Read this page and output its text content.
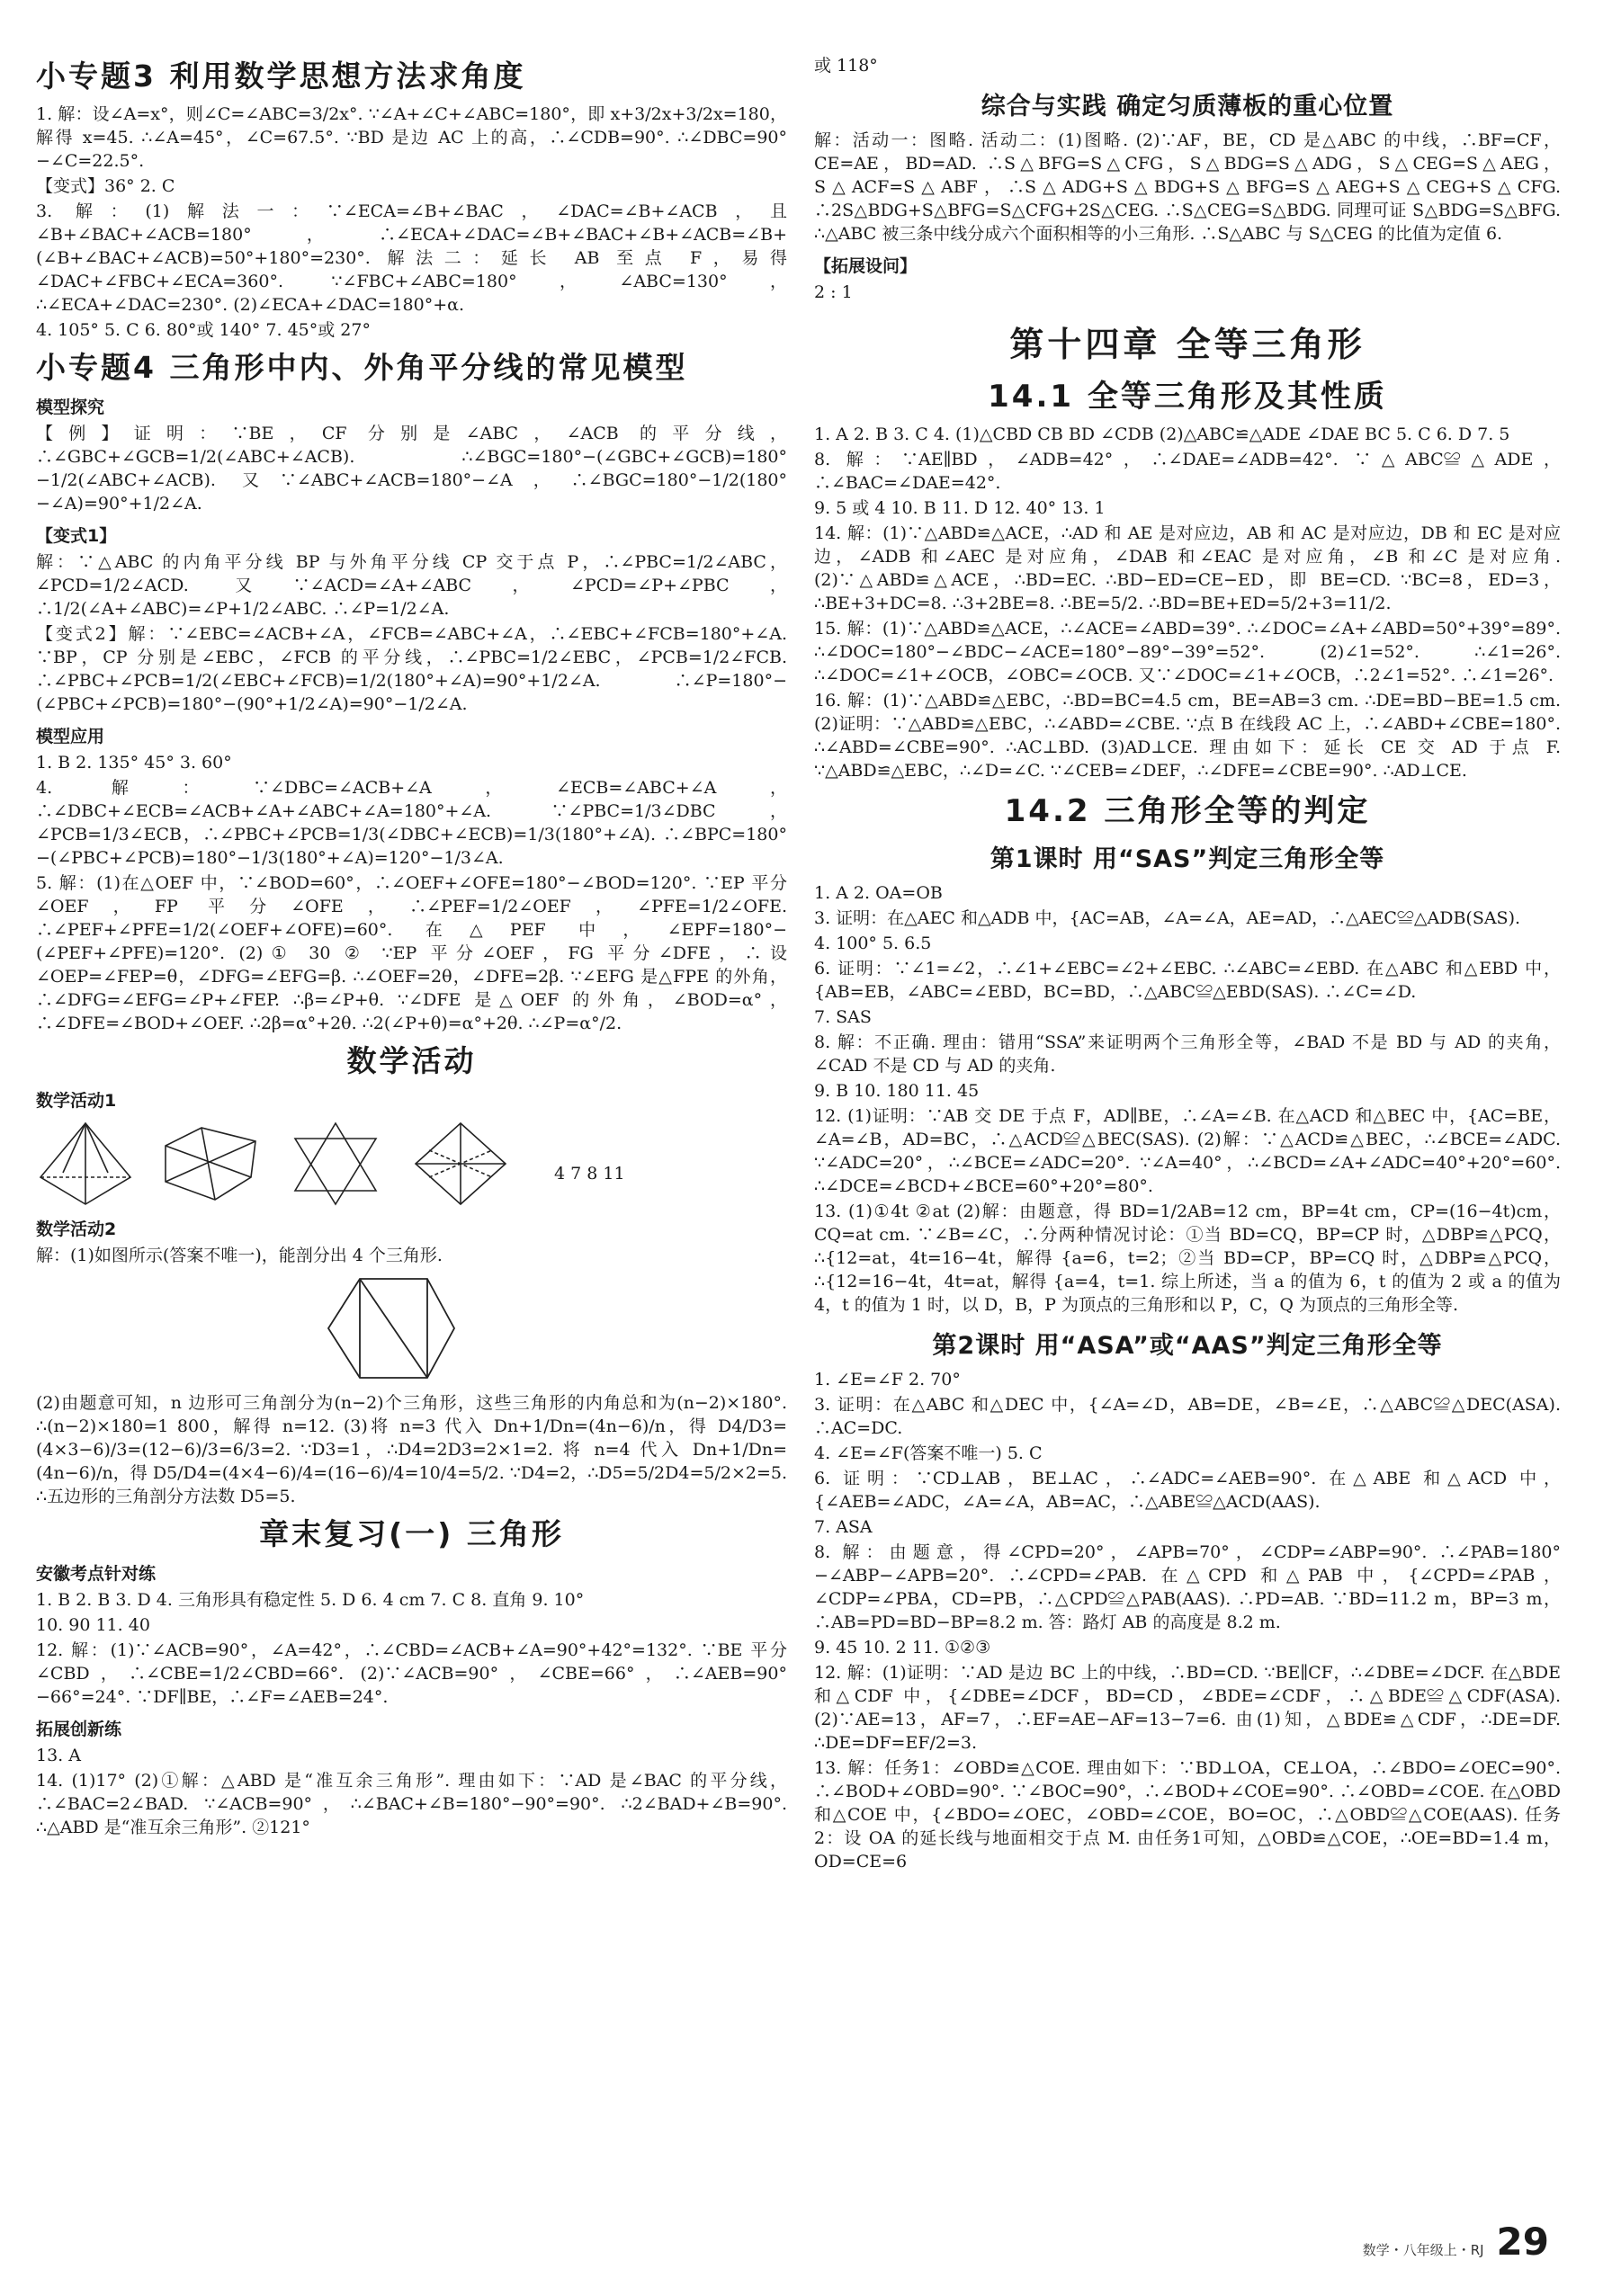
小专题3 利用数学思想方法求角度

1. 解：设∠A=x°，则∠C=∠ABC=3/2x°. ∵∠A+∠C+∠ABC=180°，即 x+3/2x+3/2x=180，解得 x=45. ∴∠A=45°，∠C=67.5°. ∵BD 是边 AC 上的高，∴∠CDB=90°. ∴∠DBC=90°−∠C=22.5°.

【变式】36° 2. C

3. 解：(1)解法一：∵∠ECA=∠B+∠BAC，∠DAC=∠B+∠ACB，且∠B+∠BAC+∠ACB=180°，∴∠ECA+∠DAC=∠B+∠BAC+∠B+∠ACB=∠B+(∠B+∠BAC+∠ACB)=50°+180°=230°. 解法二：延长 AB 至点 F，易得∠DAC+∠FBC+∠ECA=360°. ∵∠FBC+∠ABC=180°，∠ABC=130°，∴∠ECA+∠DAC=230°. (2)∠ECA+∠DAC=180°+α.

4. 105° 5. C 6. 80°或 140° 7. 45°或 27°

小专题4 三角形中内、外角平分线的常见模型
模型探究

【例】证明：∵BE，CF 分别是∠ABC，∠ACB 的平分线，∴∠GBC+∠GCB=1/2(∠ABC+∠ACB). ∴∠BGC=180°−(∠GBC+∠GCB)=180°−1/2(∠ABC+∠ACB). 又∵∠ABC+∠ACB=180°−∠A，∴∠BGC=180°−1/2(180°−∠A)=90°+1/2∠A.

【变式1】

解：∵△ABC 的内角平分线 BP 与外角平分线 CP 交于点 P，∴∠PBC=1/2∠ABC，∠PCD=1/2∠ACD. 又∵∠ACD=∠A+∠ABC，∠PCD=∠P+∠PBC，∴1/2(∠A+∠ABC)=∠P+1/2∠ABC. ∴∠P=1/2∠A.

【变式2】解：∵∠EBC=∠ACB+∠A，∠FCB=∠ABC+∠A，∴∠EBC+∠FCB=180°+∠A. ∵BP，CP 分别是∠EBC，∠FCB 的平分线，∴∠PBC=1/2∠EBC，∠PCB=1/2∠FCB. ∴∠PBC+∠PCB=1/2(∠EBC+∠FCB)=1/2(180°+∠A)=90°+1/2∠A. ∴∠P=180°−(∠PBC+∠PCB)=180°−(90°+1/2∠A)=90°−1/2∠A.

模型应用

1. B 2. 135° 45° 3. 60°

4. 解：∵∠DBC=∠ACB+∠A，∠ECB=∠ABC+∠A，∴∠DBC+∠ECB=∠ACB+∠A+∠ABC+∠A=180°+∠A. ∵∠PBC=1/3∠DBC，∠PCB=1/3∠ECB，∴∠PBC+∠PCB=1/3(∠DBC+∠ECB)=1/3(180°+∠A). ∴∠BPC=180°−(∠PBC+∠PCB)=180°−1/3(180°+∠A)=120°−1/3∠A.

5. 解：(1)在△OEF 中，∵∠BOD=60°，∴∠OEF+∠OFE=180°−∠BOD=120°. ∵EP 平分∠OEF，FP 平分∠OFE，∴∠PEF=1/2∠OEF，∠PFE=1/2∠OFE. ∴∠PEF+∠PFE=1/2(∠OEF+∠OFE)=60°. 在△PEF 中，∠EPF=180°−(∠PEF+∠PFE)=120°. (2)① 30 ② ∵EP 平分∠OEF，FG 平分∠DFE，∴设∠OEP=∠FEP=θ，∠DFG=∠EFG=β. ∴∠OEF=2θ，∠DFE=2β. ∵∠EFG 是△FPE 的外角，∴∠DFG=∠EFG=∠P+∠FEP. ∴β=∠P+θ. ∵∠DFE 是△OEF 的外角，∠BOD=α°，∴∠DFE=∠BOD+∠OEF. ∴2β=α°+2θ. ∴2(∠P+θ)=α°+2θ. ∴∠P=α°/2.

数学活动
数学活动1
4 7 8 11
数学活动2

解：(1)如图所示(答案不唯一)，能剖分出 4 个三角形.

(2)由题意可知，n 边形可三角剖分为(n−2)个三角形，这些三角形的内角总和为(n−2)×180°. ∴(n−2)×180=1 800，解得 n=12. (3)将 n=3 代入 Dn+1/Dn=(4n−6)/n，得 D4/D3=(4×3−6)/3=(12−6)/3=6/3=2. ∵D3=1，∴D4=2D3=2×1=2. 将 n=4 代入 Dn+1/Dn=(4n−6)/n，得 D5/D4=(4×4−6)/4=(16−6)/4=10/4=5/2. ∵D4=2，∴D5=5/2D4=5/2×2=5. ∴五边形的三角剖分方法数 D5=5.

章末复习(一) 三角形
安徽考点针对练

1. B 2. B 3. D 4. 三角形具有稳定性 5. D 6. 4 cm 7. C 8. 直角 9. 10°

10. 90 11. 40

12. 解：(1)∵∠ACB=90°，∠A=42°，∴∠CBD=∠ACB+∠A=90°+42°=132°. ∵BE 平分∠CBD，∴∠CBE=1/2∠CBD=66°. (2)∵∠ACB=90°，∠CBE=66°，∴∠AEB=90°−66°=24°. ∵DF∥BE，∴∠F=∠AEB=24°.

拓展创新练

13. A

14. (1)17° (2)①解：△ABD 是“准互余三角形”. 理由如下：∵AD 是∠BAC 的平分线，∴∠BAC=2∠BAD. ∵∠ACB=90°，∴∠BAC+∠B=180°−90°=90°. ∴2∠BAD+∠B=90°. ∴△ABD 是“准互余三角形”. ②121°

或 118°

综合与实践 确定匀质薄板的重心位置

解：活动一：图略. 活动二：(1)图略. (2)∵AF，BE，CD 是△ABC 的中线，∴BF=CF，CE=AE，BD=AD. ∴S△BFG=S△CFG，S△BDG=S△ADG，S△CEG=S△AEG，S△ACF=S△ABF，∴S△ADG+S△BDG+S△BFG=S△AEG+S△CEG+S△CFG. ∴2S△BDG+S△BFG=S△CFG+2S△CEG. ∴S△CEG=S△BDG. 同理可证 S△BDG=S△BFG. ∴△ABC 被三条中线分成六个面积相等的小三角形. ∴S△ABC 与 S△CEG 的比值为定值 6.

【拓展设问】

2 : 1

第十四章 全等三角形
14.1 全等三角形及其性质

1. A 2. B 3. C 4. (1)△CBD CB BD ∠CDB (2)△ABC≌△ADE ∠DAE BC 5. C 6. D 7. 5

8. 解：∵AE∥BD，∠ADB=42°，∴∠DAE=∠ADB=42°. ∵△ABC≌△ADE，∴∠BAC=∠DAE=42°.

9. 5 或 4 10. B 11. D 12. 40° 13. 1

14. 解：(1)∵△ABD≌△ACE，∴AD 和 AE 是对应边，AB 和 AC 是对应边，DB 和 EC 是对应边，∠ADB 和∠AEC 是对应角，∠DAB 和∠EAC 是对应角，∠B 和∠C 是对应角. (2)∵△ABD≌△ACE，∴BD=EC. ∴BD−ED=CE−ED，即 BE=CD. ∵BC=8，ED=3，∴BE+3+DC=8. ∴3+2BE=8. ∴BE=5/2. ∴BD=BE+ED=5/2+3=11/2.

15. 解：(1)∵△ABD≌△ACE，∴∠ACE=∠ABD=39°. ∴∠DOC=∠A+∠ABD=50°+39°=89°. ∴∠DOC=180°−∠BDC−∠ACE=180°−89°−39°=52°. (2)∠1=52°. ∴∠1=26°. ∴∠DOC=∠1+∠OCB，∠OBC=∠OCB. 又∵∠DOC=∠1+∠OCB，∴2∠1=52°. ∴∠1=26°.

16. 解：(1)∵△ABD≌△EBC，∴BD=BC=4.5 cm，BE=AB=3 cm. ∴DE=BD−BE=1.5 cm. (2)证明：∵△ABD≌△EBC，∴∠ABD=∠CBE. ∵点 B 在线段 AC 上，∴∠ABD+∠CBE=180°. ∴∠ABD=∠CBE=90°. ∴AC⊥BD. (3)AD⊥CE. 理由如下：延长 CE 交 AD 于点 F. ∵△ABD≌△EBC，∴∠D=∠C. ∵∠CEB=∠DEF，∴∠DFE=∠CBE=90°. ∴AD⊥CE.

14.2 三角形全等的判定
第1课时 用“SAS”判定三角形全等

1. A 2. OA=OB

3. 证明：在△AEC 和△ADB 中，{AC=AB，∠A=∠A，AE=AD，∴△AEC≌△ADB(SAS).

4. 100° 5. 6.5

6. 证明：∵∠1=∠2，∴∠1+∠EBC=∠2+∠EBC. ∴∠ABC=∠EBD. 在△ABC 和△EBD 中，{AB=EB，∠ABC=∠EBD，BC=BD，∴△ABC≌△EBD(SAS). ∴∠C=∠D.

7. SAS

8. 解：不正确. 理由：错用“SSA”来证明两个三角形全等，∠BAD 不是 BD 与 AD 的夹角，∠CAD 不是 CD 与 AD 的夹角.

9. B 10. 180 11. 45

12. (1)证明：∵AB 交 DE 于点 F，AD∥BE，∴∠A=∠B. 在△ACD 和△BEC 中，{AC=BE，∠A=∠B，AD=BC，∴△ACD≌△BEC(SAS). (2)解：∵△ACD≌△BEC，∴∠BCE=∠ADC. ∵∠ADC=20°，∴∠BCE=∠ADC=20°. ∵∠A=40°，∴∠BCD=∠A+∠ADC=40°+20°=60°. ∴∠DCE=∠BCD+∠BCE=60°+20°=80°.

13. (1)①4t ②at (2)解：由题意，得 BD=1/2AB=12 cm，BP=4t cm，CP=(16−4t)cm，CQ=at cm. ∵∠B=∠C，∴分两种情况讨论：①当 BD=CQ，BP=CP 时，△DBP≌△PCQ，∴{12=at，4t=16−4t，解得 {a=6，t=2；②当 BD=CP，BP=CQ 时，△DBP≌△PCQ，∴{12=16−4t，4t=at，解得 {a=4，t=1. 综上所述，当 a 的值为 6，t 的值为 2 或 a 的值为 4，t 的值为 1 时，以 D，B，P 为顶点的三角形和以 P，C，Q 为顶点的三角形全等.

第2课时 用“ASA”或“AAS”判定三角形全等

1. ∠E=∠F 2. 70°

3. 证明：在△ABC 和△DEC 中，{∠A=∠D，AB=DE，∠B=∠E，∴△ABC≌△DEC(ASA). ∴AC=DC.

4. ∠E=∠F(答案不唯一) 5. C

6. 证明：∵CD⊥AB，BE⊥AC，∴∠ADC=∠AEB=90°. 在△ABE 和△ACD 中，{∠AEB=∠ADC，∠A=∠A，AB=AC，∴△ABE≌△ACD(AAS).

7. ASA

8. 解：由题意，得∠CPD=20°，∠APB=70°，∠CDP=∠ABP=90°. ∴∠PAB=180°−∠ABP−∠APB=20°. ∴∠CPD=∠PAB. 在△CPD 和△PAB 中，{∠CPD=∠PAB，∠CDP=∠PBA，CD=PB，∴△CPD≌△PAB(AAS). ∴PD=AB. ∵BD=11.2 m，BP=3 m，∴AB=PD=BD−BP=8.2 m. 答：路灯 AB 的高度是 8.2 m.

9. 45 10. 2 11. ①②③

12. 解：(1)证明：∵AD 是边 BC 上的中线，∴BD=CD. ∵BE∥CF，∴∠DBE=∠DCF. 在△BDE 和△CDF 中，{∠DBE=∠DCF，BD=CD，∠BDE=∠CDF，∴△BDE≌△CDF(ASA). (2)∵AE=13，AF=7，∴EF=AE−AF=13−7=6. 由(1)知，△BDE≌△CDF，∴DE=DF. ∴DE=DF=EF/2=3.

13. 解：任务1：∠OBD≌△COE. 理由如下：∵BD⊥OA，CE⊥OA，∴∠BDO=∠OEC=90°. ∴∠BOD+∠OBD=90°. ∵∠BOC=90°，∴∠BOD+∠COE=90°. ∴∠OBD=∠COE. 在△OBD 和△COE 中，{∠BDO=∠OEC，∠OBD=∠COE，BO=OC，∴△OBD≌△COE(AAS). 任务2：设 OA 的延长线与地面相交于点 M. 由任务1可知，△OBD≌△COE，∴OE=BD=1.4 m，OD=CE=6

数学・八年级上・RJ 29
